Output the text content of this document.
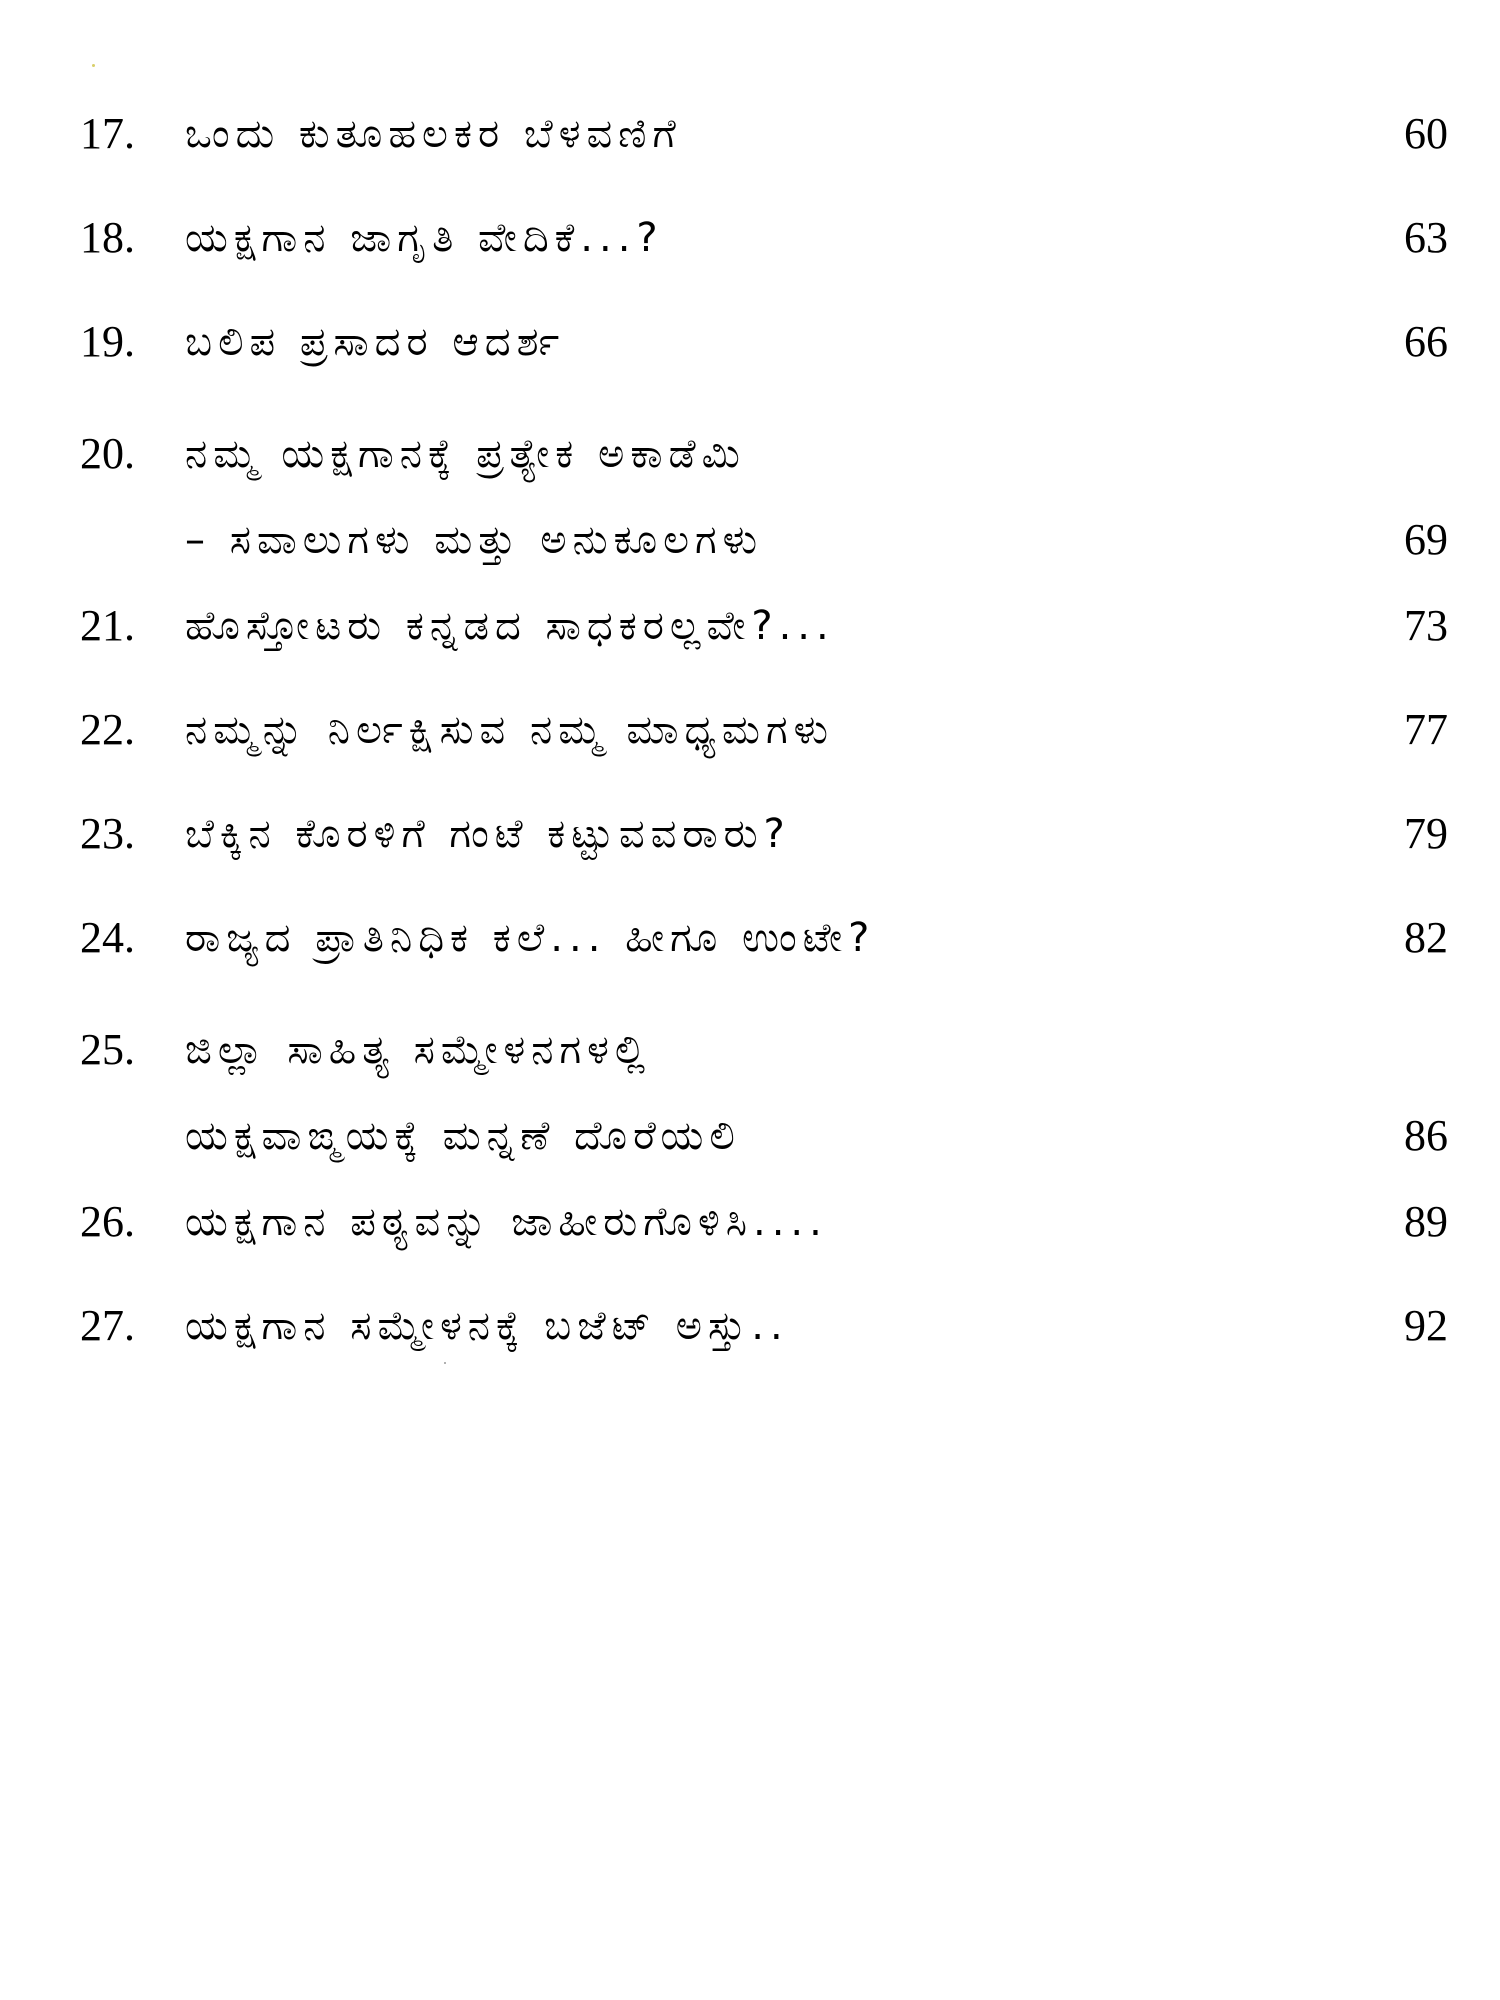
17. ಒಂದು ಕುತೂಹಲಕರ ಬೆಳವಣಿಗೆ	60
18. ಯಕ್ಷಗಾನ ಜಾಗೃತಿ ವೇದಿಕೆ...?	63
19. ಬಲಿಪ ಪ್ರಸಾದರ ಆದರ್ಶ	66
20. ನಮ್ಮ ಯಕ್ಷಗಾನಕ್ಕೆ ಪ್ರತ್ಯೇಕ ಅಕಾಡೆಮಿ
– ಸವಾಲುಗಳು ಮತ್ತು ಅನುಕೂಲಗಳು	69
21. ಹೊಸ್ತೋಟರು ಕನ್ನಡದ ಸಾಧಕರಲ್ಲವೇ?...	73
22. ನಮ್ಮನ್ನು ನಿರ್ಲಕ್ಷಿಸುವ ನಮ್ಮ ಮಾಧ್ಯಮಗಳು	77
23. ಬೆಕ್ಕಿನ ಕೊರಳಿಗೆ ಗಂಟೆ ಕಟ್ಟುವವರಾರು?	79
24. ರಾಜ್ಯದ ಪ್ರಾತಿನಿಧಿಕ ಕಲೆ... ಹೀಗೂ ಉಂಟೇ?	82
25. ಜಿಲ್ಲಾ ಸಾಹಿತ್ಯ ಸಮ್ಮೇಳನಗಳಲ್ಲಿ
ಯಕ್ಷವಾಙ್ಮಯಕ್ಕೆ ಮನ್ನಣೆ ದೊರೆಯಲಿ	86
26. ಯಕ್ಷಗಾನ ಪಠ್ಯವನ್ನು ಜಾಹೀರುಗೊಳಿಸಿ....	89
27. ಯಕ್ಷಗಾನ ಸಮ್ಮೇಳನಕ್ಕೆ ಬಜೆಟ್ ಅಸ್ತು..	92
